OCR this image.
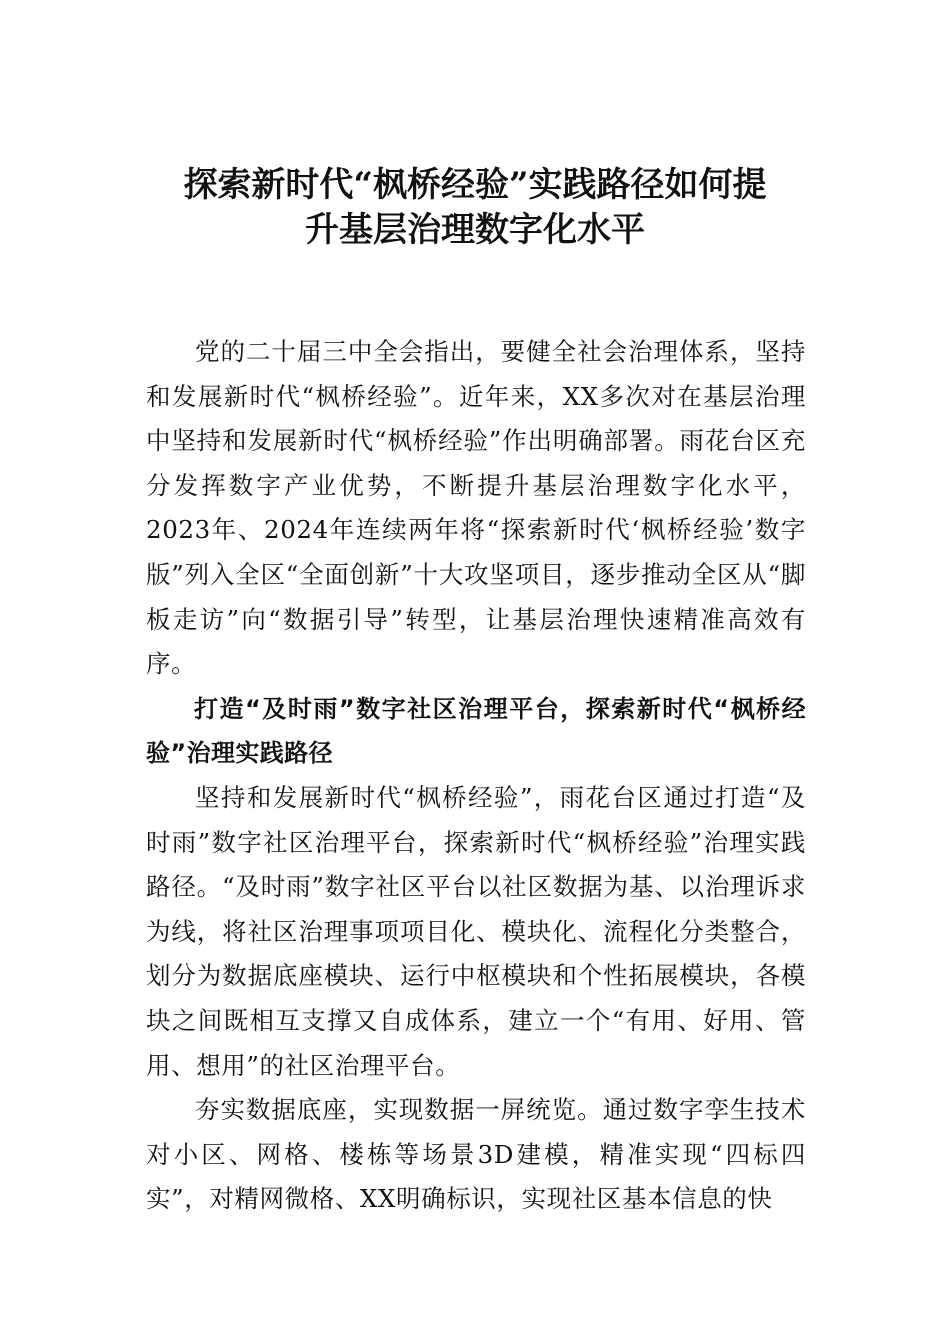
探索新时代“枫桥经验”实践路径如何提
升基层治理数字化水平

党的二十届三中全会指出，要健全社会治理体系，坚持和发展新时代“枫桥经验”。近年来，XX多次对在基层治理中坚持和发展新时代“枫桥经验”作出明确部署。雨花台区充分发挥数字产业优势，不断提升基层治理数字化水平，2023年、2024年连续两年将“探索新时代‘枫桥经验’数字版”列入全区“全面创新”十大攻坚项目，逐步推动全区从“脚板走访”向“数据引导”转型，让基层治理快速精准高效有序。

打造“及时雨”数字社区治理平台，探索新时代“枫桥经验”治理实践路径

坚持和发展新时代“枫桥经验”，雨花台区通过打造“及时雨”数字社区治理平台，探索新时代“枫桥经验”治理实践路径。“及时雨”数字社区平台以社区数据为基、以治理诉求为线，将社区治理事项项目化、模块化、流程化分类整合，划分为数据底座模块、运行中枢模块和个性拓展模块，各模块之间既相互支撑又自成体系，建立一个“有用、好用、管用、想用”的社区治理平台。

夯实数据底座，实现数据一屏统览。通过数字孪生技术对小区、网格、楼栋等场景3D建模，精准实现“四标四实”，对精网微格、XX明确标识，实现社区基本信息的快
